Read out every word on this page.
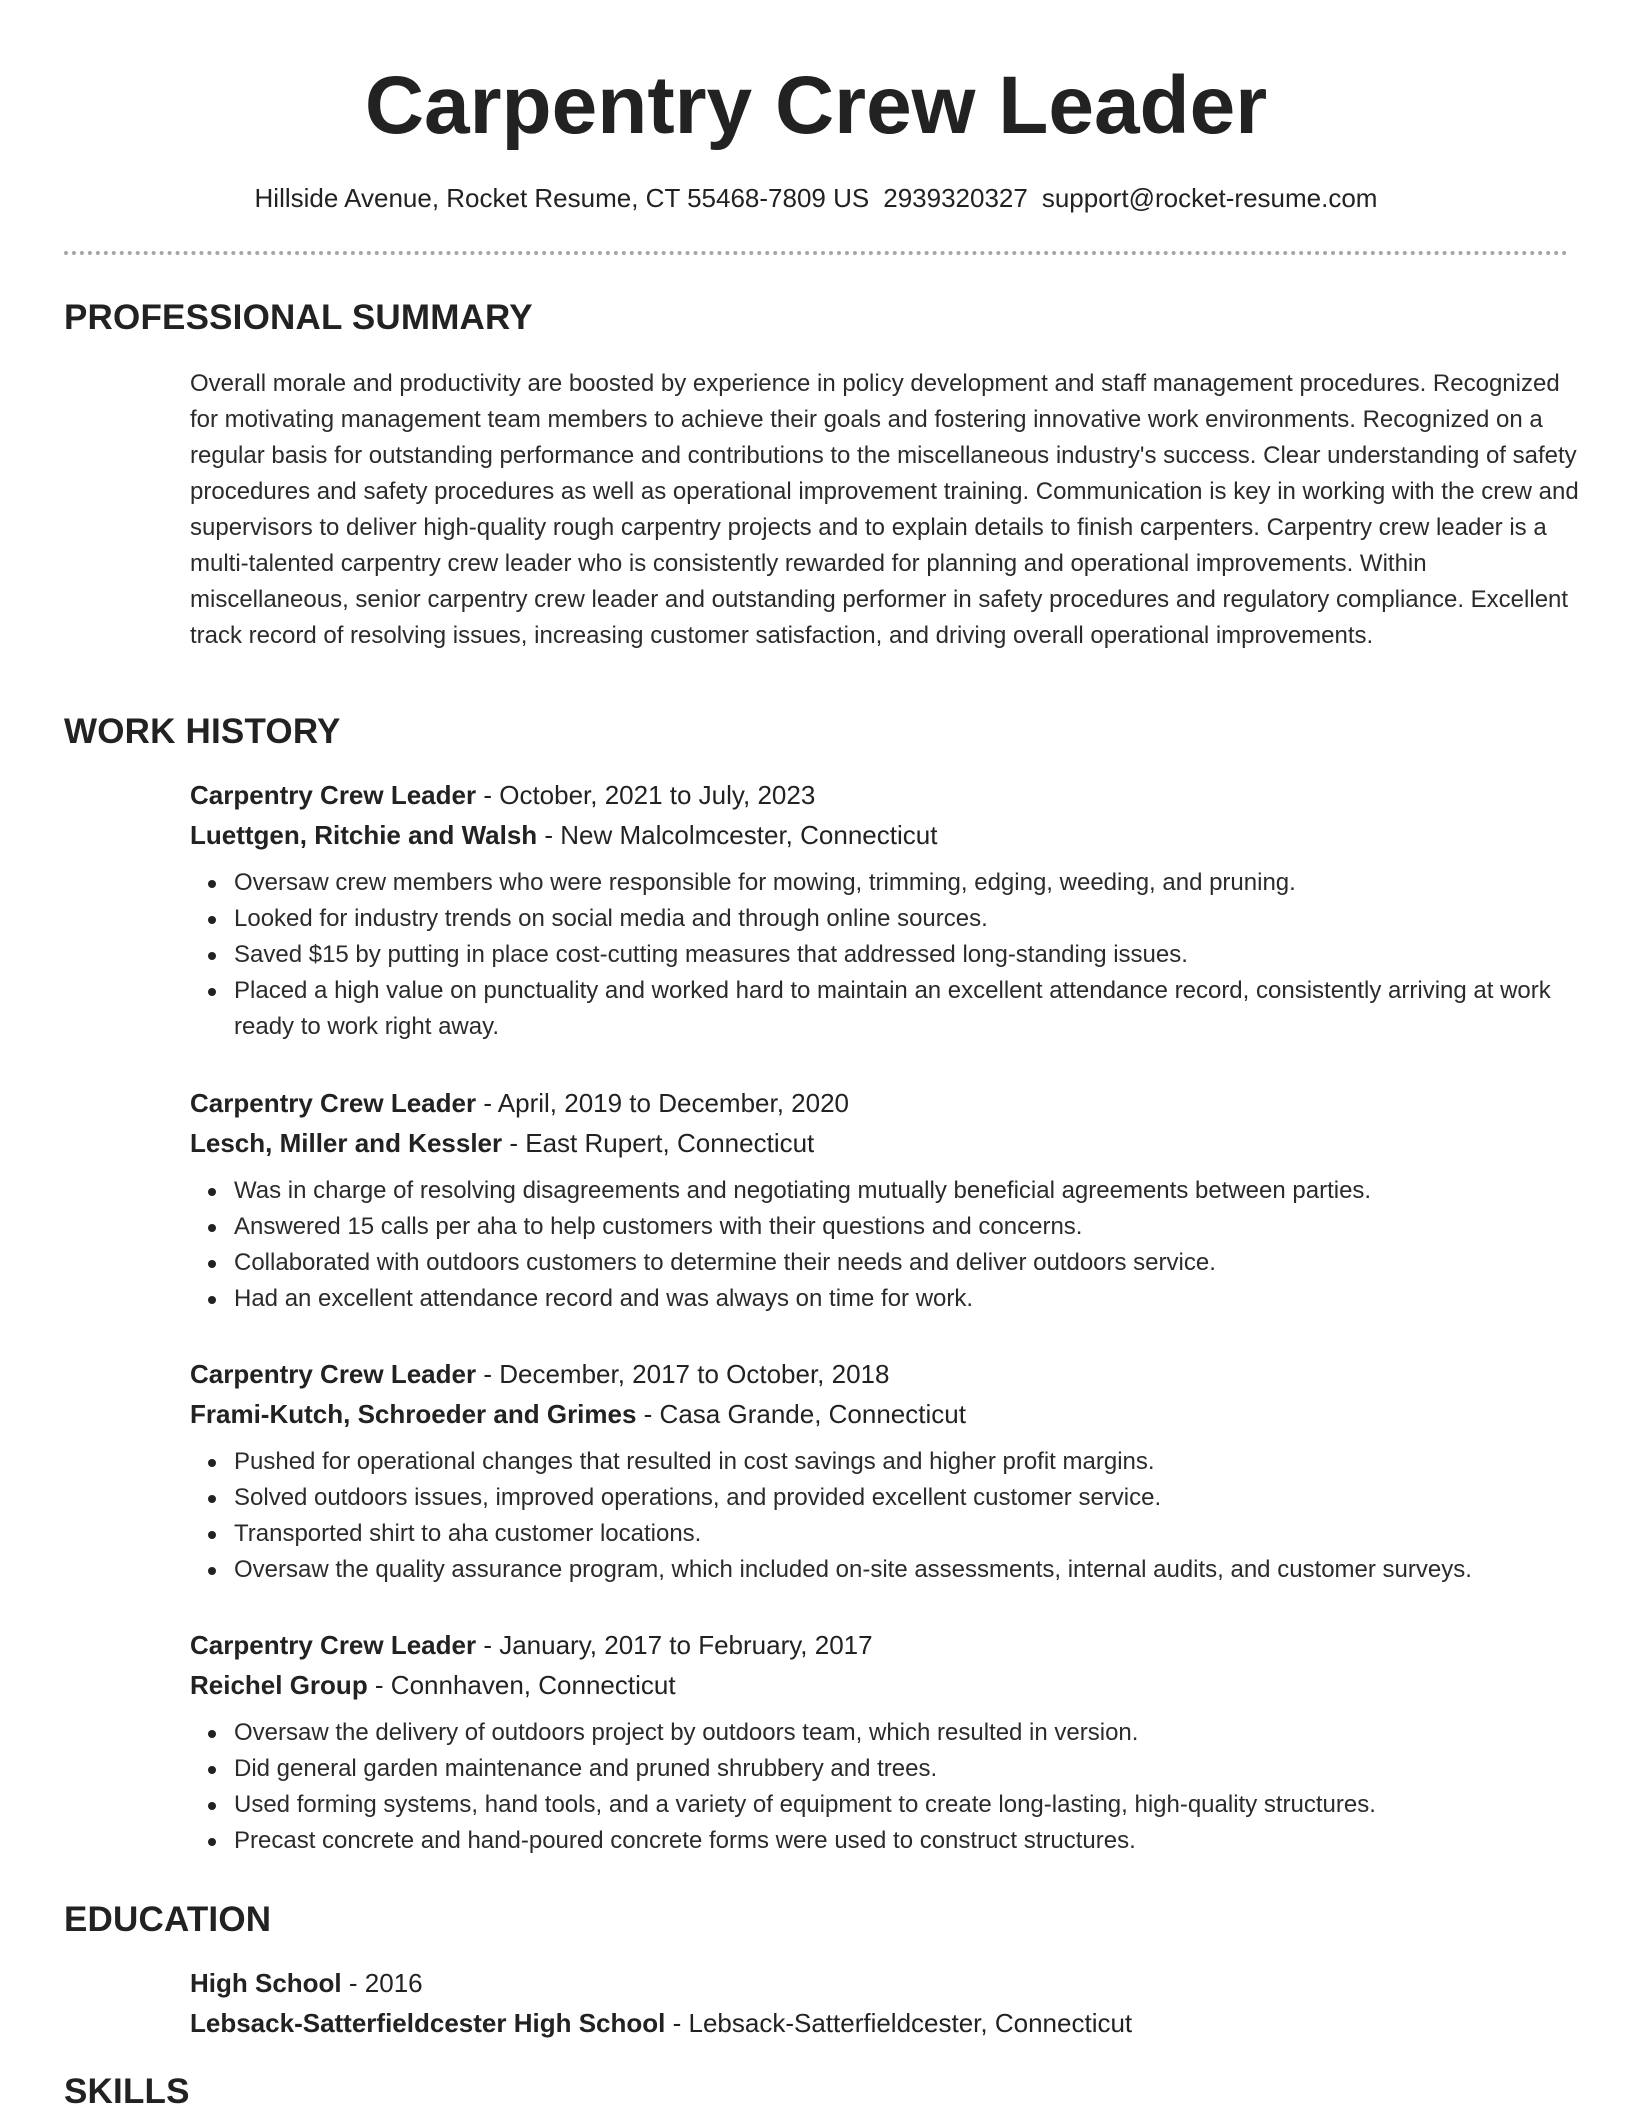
Carpentry Crew Leader
Hillside Avenue, Rocket Resume, CT 55468-7809 US 2939320327 support@rocket-resume.com
PROFESSIONAL SUMMARY

Overall morale and productivity are boosted by experience in policy development and staff management procedures. Recognized for motivating management team members to achieve their goals and fostering innovative work environments. Recognized on a regular basis for outstanding performance and contributions to the miscellaneous industry's success. Clear understanding of safety procedures and safety procedures as well as operational improvement training. Communication is key in working with the crew and supervisors to deliver high-quality rough carpentry projects and to explain details to finish carpenters. Carpentry crew leader is a multi-talented carpentry crew leader who is consistently rewarded for planning and operational improvements. Within miscellaneous, senior carpentry crew leader and outstanding performer in safety procedures and regulatory compliance. Excellent track record of resolving issues, increasing customer satisfaction, and driving overall operational improvements.

WORK HISTORY
Carpentry Crew Leader - October, 2021 to July, 2023
Luettgen, Ritchie and Walsh - New Malcolmcester, Connecticut
Oversaw crew members who were responsible for mowing, trimming, edging, weeding, and pruning.
Looked for industry trends on social media and through online sources.
Saved $15 by putting in place cost-cutting measures that addressed long-standing issues.
Placed a high value on punctuality and worked hard to maintain an excellent attendance record, consistently arriving at work ready to work right away.
Carpentry Crew Leader - April, 2019 to December, 2020
Lesch, Miller and Kessler - East Rupert, Connecticut
Was in charge of resolving disagreements and negotiating mutually beneficial agreements between parties.
Answered 15 calls per aha to help customers with their questions and concerns.
Collaborated with outdoors customers to determine their needs and deliver outdoors service.
Had an excellent attendance record and was always on time for work.
Carpentry Crew Leader - December, 2017 to October, 2018
Frami-Kutch, Schroeder and Grimes - Casa Grande, Connecticut
Pushed for operational changes that resulted in cost savings and higher profit margins.
Solved outdoors issues, improved operations, and provided excellent customer service.
Transported shirt to aha customer locations.
Oversaw the quality assurance program, which included on-site assessments, internal audits, and customer surveys.
Carpentry Crew Leader - January, 2017 to February, 2017
Reichel Group - Connhaven, Connecticut
Oversaw the delivery of outdoors project by outdoors team, which resulted in version.
Did general garden maintenance and pruned shrubbery and trees.
Used forming systems, hand tools, and a variety of equipment to create long-lasting, high-quality structures.
Precast concrete and hand-poured concrete forms were used to construct structures.
EDUCATION
High School - 2016
Lebsack-Satterfieldcester High School - Lebsack-Satterfieldcester, Connecticut
SKILLS
